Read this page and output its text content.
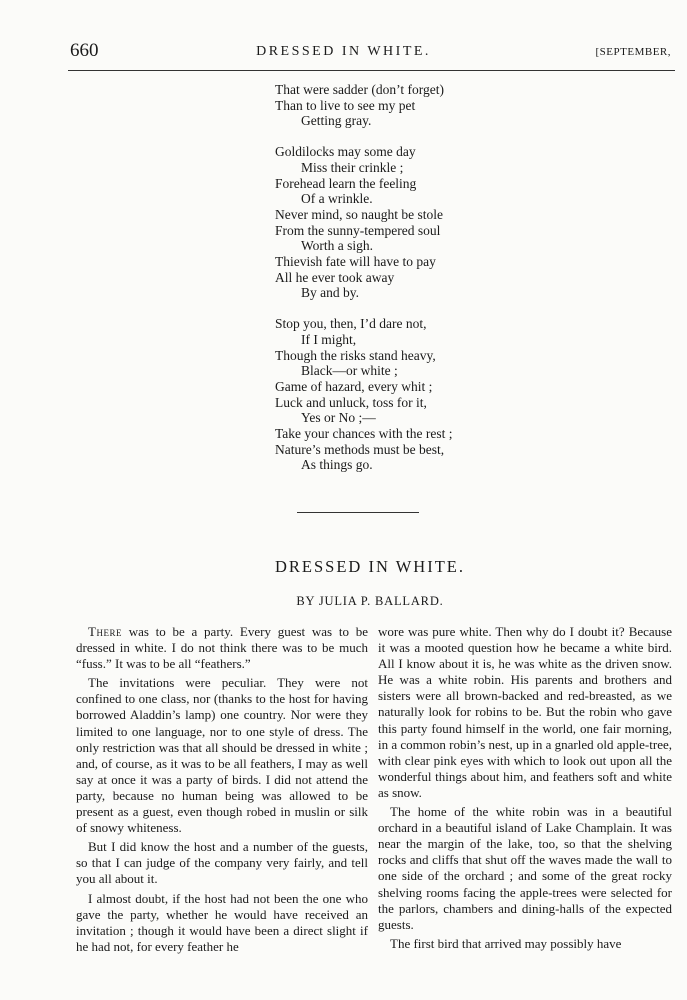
660	DRESSED IN WHITE.	[SEPTEMBER,
That were sadder (don’t forget)
Than to live to see my pet
Getting gray.
Goldilocks may some day
Miss their crinkle ;
Forehead learn the feeling
Of a wrinkle.
Never mind, so naught be stole
From the sunny-tempered soul
Worth a sigh.
Thievish fate will have to pay
All he ever took away
By and by.
Stop you, then, I’d dare not,
If I might,
Though the risks stand heavy,
Black—or white ;
Game of hazard, every whit ;
Luck and unluck, toss for it,
Yes or No ;—
Take your chances with the rest ;
Nature’s methods must be best,
As things go.
DRESSED IN WHITE.
BY JULIA P. BALLARD.

There was to be a party. Every guest was to be dressed in white. I do not think there was to be much “fuss.” It was to be all “feathers.”

The invitations were peculiar. They were not confined to one class, nor (thanks to the host for having borrowed Aladdin’s lamp) one country. Nor were they limited to one language, nor to one style of dress. The only restriction was that all should be dressed in white ; and, of course, as it was to be all feathers, I may as well say at once it was a party of birds. I did not attend the party, because no human being was allowed to be present as a guest, even though robed in muslin or silk of snowy whiteness.

But I did know the host and a number of the guests, so that I can judge of the company very fairly, and tell you all about it.

I almost doubt, if the host had not been the one who gave the party, whether he would have received an invitation ; though it would have been a direct slight if he had not, for every feather he

wore was pure white. Then why do I doubt it? Because it was a mooted question how he became a white bird. All I know about it is, he was white as the driven snow. He was a white robin. His parents and brothers and sisters were all brown-backed and red-breasted, as we naturally look for robins to be. But the robin who gave this party found himself in the world, one fair morning, in a common robin’s nest, up in a gnarled old apple-tree, with clear pink eyes with which to look out upon all the wonderful things about him, and feathers soft and white as snow.

The home of the white robin was in a beautiful orchard in a beautiful island of Lake Champlain. It was near the margin of the lake, too, so that the shelving rocks and cliffs that shut off the waves made the wall to one side of the orchard ; and some of the great rocky shelving rooms facing the apple-trees were selected for the parlors, chambers and dining-halls of the expected guests.

The first bird that arrived may possibly have
